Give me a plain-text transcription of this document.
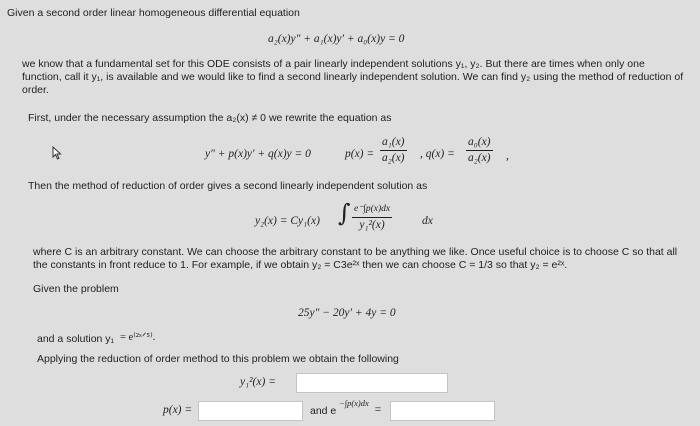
Given a second order linear homogeneous differential equation
a₂(x)y″ + a₁(x)y′ + a₀(x)y = 0
we know that a fundamental set for this ODE consists of a pair linearly independent solutions y₁, y₂. But there are times when only one function, call it y₁, is available and we would like to find a second linearly independent solution. We can find y₂ using the method of reduction of order.
First, under the necessary assumption the a₂(x) ≠ 0 we rewrite the equation as
y″ + p(x)y′ + q(x)y = 0	$p(x) = \frac{\text{a₁(x)}}{\text{a₂(x)}}$ , $q(x) = \frac{\text{a₀(x)}}{\text{a₂(x)}}$ ,
Then the method of reduction of order gives a second linearly independent solution as
y₂(x) = Cy₁(x) ∫ e⁻∫p(x)dx
y₁²(x)	dx
where C is an arbitrary constant. We can choose the arbitrary constant to be anything we like. Once useful choice is to choose C so that all the constants in front reduce to 1. For example, if we obtain y₂ = C3e²ˣ then we can choose C = 1/3 so that y₂ = e²ˣ.
Given the problem
25y″ − 20y′ + 4y = 0
and a solution y₁ = e⁽²ˣᐟ⁵⁾.
Applying the reduction of order method to this problem we obtain the following
y₁²(x) =
p(x) =	and e
−∫p(x)dx
=
